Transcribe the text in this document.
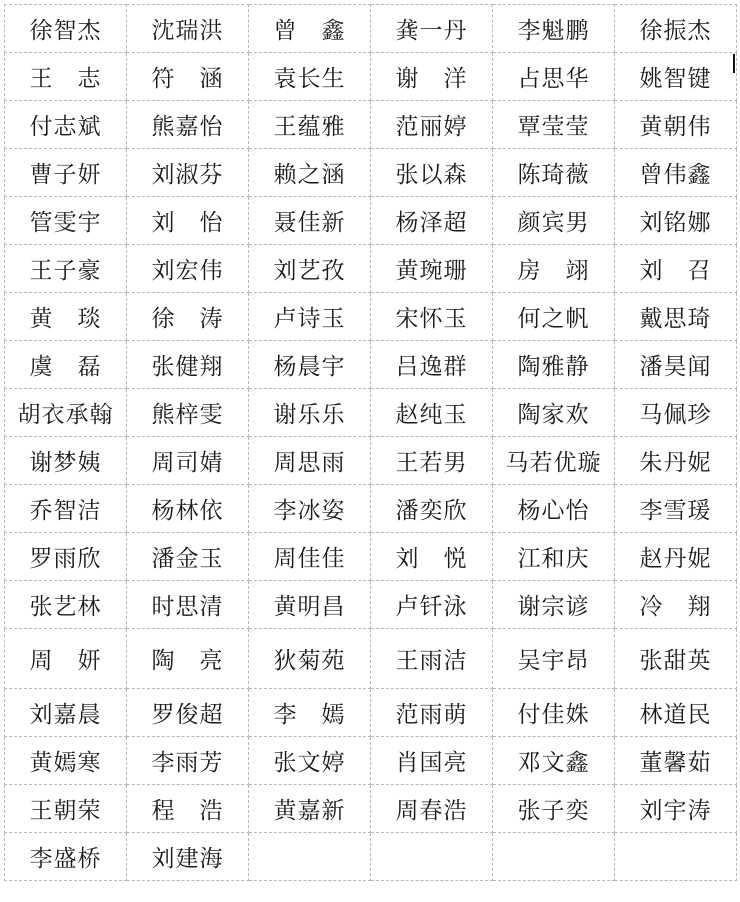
徐智杰	沈瑞洪	曾　鑫	龚一丹	李魁鹏	徐振杰
王　志	符　涵	袁长生	谢　洋	占思华	姚智键
付志斌	熊嘉怡	王蕴雅	范丽婷	覃莹莹	黄朝伟
曹子妍	刘淑芬	赖之涵	张以森	陈琦薇	曾伟鑫
管雯宇	刘　怡	聂佳新	杨泽超	颜宾男	刘铭娜
王子豪	刘宏伟	刘艺孜	黄琬珊	房　翊	刘　召
黄　琰	徐　涛	卢诗玉	宋怀玉	何之帆	戴思琦
虞　磊	张健翔	杨晨宇	吕逸群	陶雅静	潘昊闻
胡衣承翰	熊梓雯	谢乐乐	赵纯玉	陶家欢	马佩珍
谢梦姨	周司婧	周思雨	王若男	马若优璇	朱丹妮
乔智洁	杨林依	李冰姿	潘奕欣	杨心怡	李雪瑗
罗雨欣	潘金玉	周佳佳	刘　悦	江和庆	赵丹妮
张艺林	时思清	黄明昌	卢钎泳	谢宗谚	冷　翔
周　妍	陶　亮	狄菊苑	王雨洁	吴宇昂	张甜英
刘嘉晨	罗俊超	李　嫣	范雨萌	付佳姝	林道民
黄嫣寒	李雨芳	张文婷	肖国亮	邓文鑫	董馨茹
王朝荣	程　浩	黄嘉新	周春浩	张子奕	刘宇涛
李盛桥	刘建海				
